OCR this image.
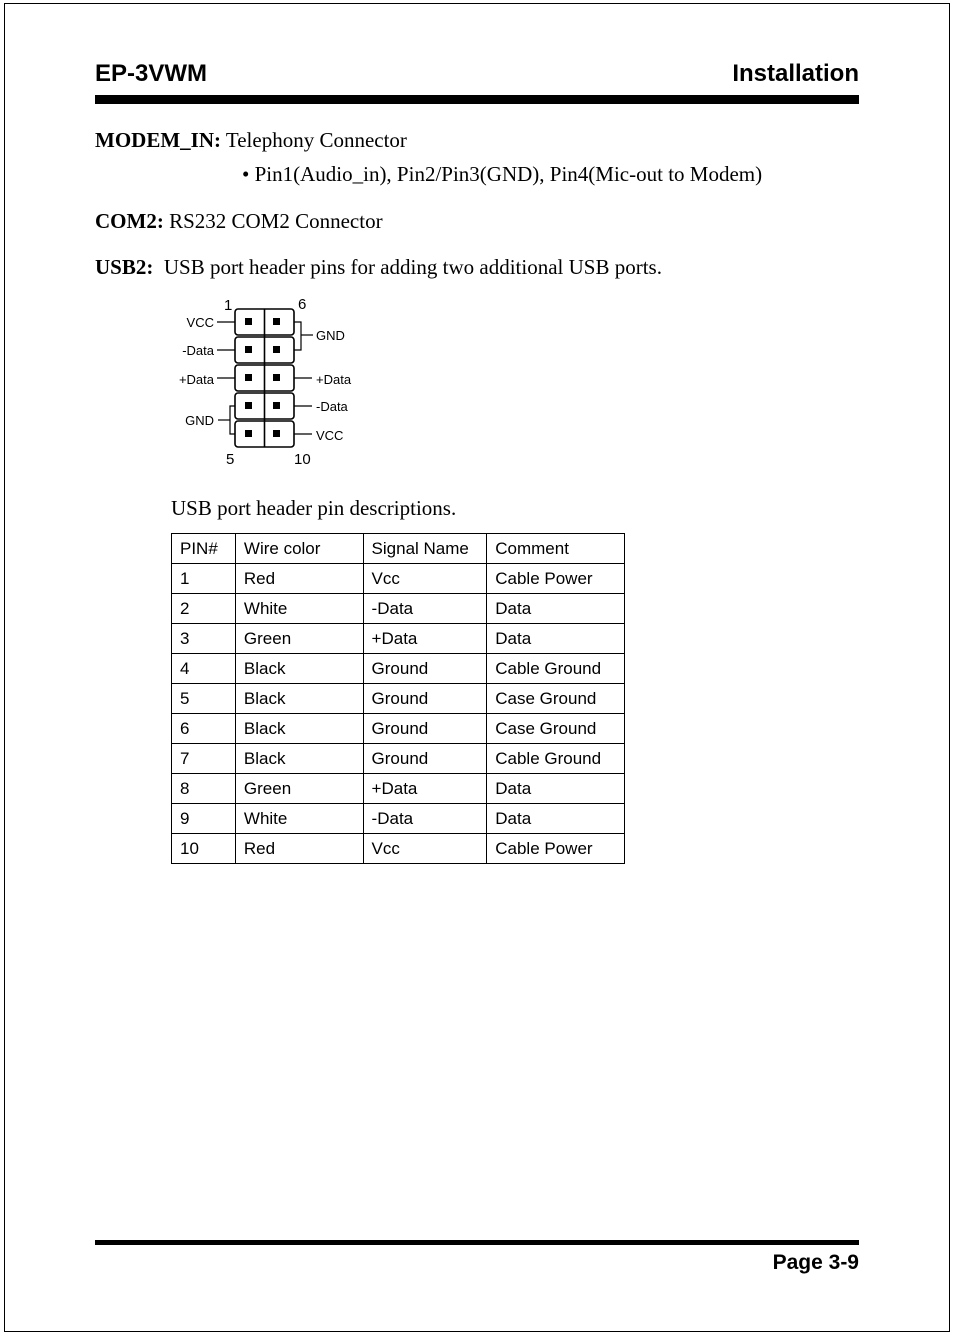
EP-3VWM	Installation
MODEM_IN: Telephony Connector
• Pin1(Audio_in), Pin2/Pin3(GND), Pin4(Mic-out to Modem)
COM2: RS232 COM2 Connector
USB2:  USB port header pins for adding two additional USB ports.
1	6
5	10
VCC
-Data
+Data
GND
GND
+Data
-Data
VCC
USB port header pin descriptions.
PIN#	Wire color	Signal Name	Comment
1	Red	Vcc	Cable Power
2	White	-Data	Data
3	Green	+Data	Data
4	Black	Ground	Cable Ground
5	Black	Ground	Case Ground
6	Black	Ground	Case Ground
7	Black	Ground	Cable Ground
8	Green	+Data	Data
9	White	-Data	Data
10	Red	Vcc	Cable Power
Page 3-9
